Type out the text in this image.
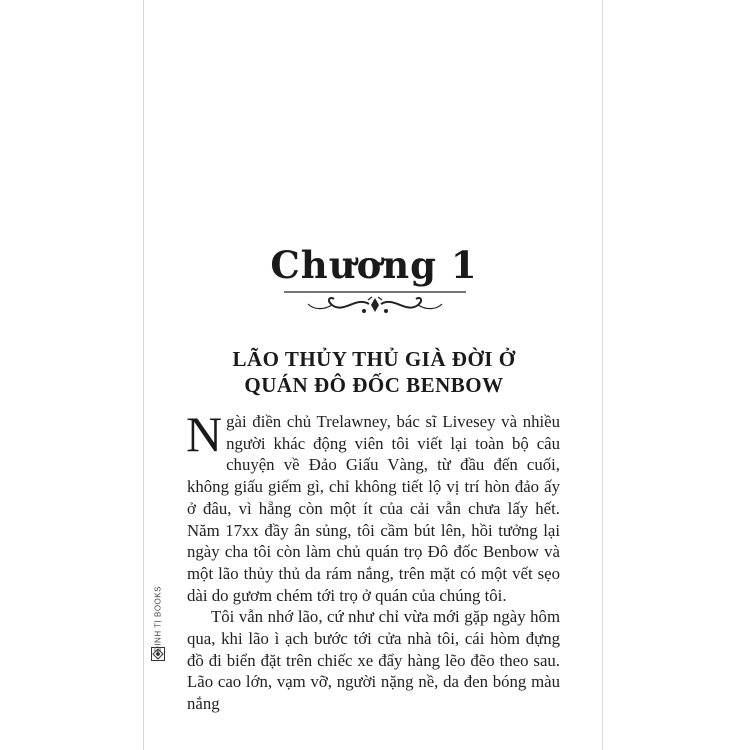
Chương 1
LÃO THỦY THỦ GIÀ ĐỜI Ở
QUÁN ĐÔ ĐỐC BENBOW

Ngài điền chủ Trelawney, bác sĩ Livesey và nhiều người khác động viên tôi viết lại toàn bộ câu chuyện về Đảo Giấu Vàng, từ đầu đến cuối, không giấu giếm gì, chỉ không tiết lộ vị trí hòn đảo ấy ở đâu, vì hẵng còn một ít của cải vẫn chưa lấy hết. Năm 17xx đầy ân sủng, tôi cầm bút lên, hồi tưởng lại ngày cha tôi còn làm chủ quán trọ Đô đốc Benbow và một lão thủy thủ da rám nắng, trên mặt có một vết sẹo dài do gươm chém tới trọ ở quán của chúng tôi.

Tôi vẫn nhớ lão, cứ như chỉ vừa mới gặp ngày hôm qua, khi lão ì ạch bước tới cửa nhà tôi, cái hòm đựng đồ đi biển đặt trên chiếc xe đẩy hàng lẽo đẽo theo sau. Lão cao lớn, vạm vỡ, người nặng nề, da đen bóng màu nắng

ĐINH TỊ BOOKS
